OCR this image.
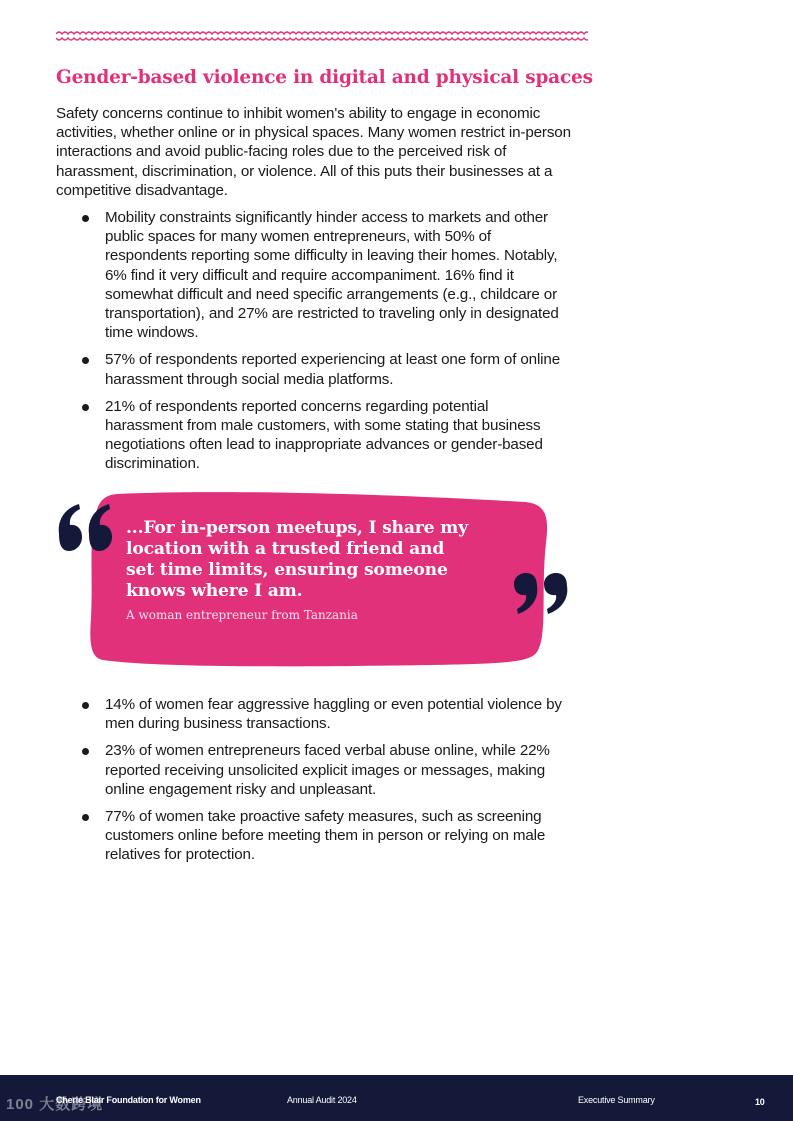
Gender-based violence in digital and physical spaces
Safety concerns continue to inhibit women's ability to engage in economic activities, whether online or in physical spaces. Many women restrict in-person interactions and avoid public-facing roles due to the perceived risk of harassment, discrimination, or violence. All of this puts their businesses at a competitive disadvantage.
Mobility constraints significantly hinder access to markets and other public spaces for many women entrepreneurs, with 50% of respondents reporting some difficulty in leaving their homes. Notably, 6% find it very difficult and require accompaniment. 16% find it somewhat difficult and need specific arrangements (e.g., childcare or transportation), and 27% are restricted to traveling only in designated time windows.
57% of respondents reported experiencing at least one form of online harassment through social media platforms.
21% of respondents reported concerns regarding potential harassment from male customers, with some stating that business negotiations often lead to inappropriate advances or gender-based discrimination.
...For in-person meetups, I share my location with a trusted friend and set time limits, ensuring someone knows where I am.
A woman entrepreneur from Tanzania
14% of women fear aggressive haggling or even potential violence by men during business transactions.
23% of women entrepreneurs faced verbal abuse online, while 22% reported receiving unsolicited explicit images or messages, making online engagement risky and unpleasant.
77% of women take proactive safety measures, such as screening customers online before meeting them in person or relying on male relatives for protection.
Cherie Blair Foundation for Women	Annual Audit 2024	Executive Summary	10
100 大数跨境
